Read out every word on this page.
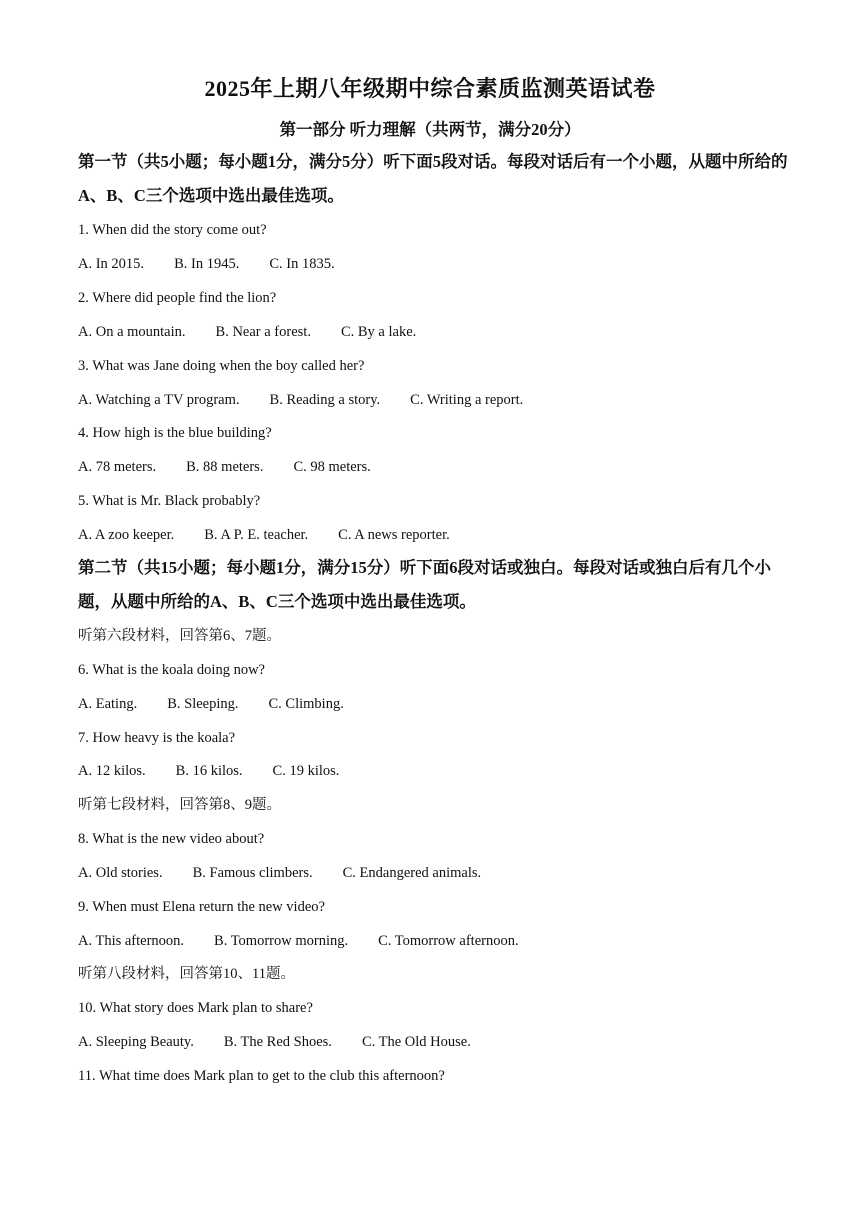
2025年上期八年级期中综合素质监测英语试卷
第一部分 听力理解（共两节，满分20分）
第一节（共5小题；每小题1分，满分5分）听下面5段对话。每段对话后有一个小题，从题中所给的A、B、C三个选项中选出最佳选项。
1. When did the story come out?
A. In 2015. B. In 1945. C. In 1835.
2. Where did people find the lion?
A. On a mountain. B. Near a forest. C. By a lake.
3. What was Jane doing when the boy called her?
A. Watching a TV program. B. Reading a story. C. Writing a report.
4. How high is the blue building?
A. 78 meters. B. 88 meters. C. 98 meters.
5. What is Mr. Black probably?
A. A zoo keeper. B. A P. E. teacher. C. A news reporter.
第二节（共15小题；每小题1分，满分15分）听下面6段对话或独白。每段对话或独白后有几个小题，从题中所给的A、B、C三个选项中选出最佳选项。
听第六段材料，回答第6、7题。
6. What is the koala doing now?
A. Eating. B. Sleeping. C. Climbing.
7. How heavy is the koala?
A. 12 kilos. B. 16 kilos. C. 19 kilos.
听第七段材料，回答第8、9题。
8. What is the new video about?
A. Old stories. B. Famous climbers. C. Endangered animals.
9. When must Elena return the new video?
A. This afternoon. B. Tomorrow morning. C. Tomorrow afternoon.
听第八段材料，回答第10、11题。
10. What story does Mark plan to share?
A. Sleeping Beauty. B. The Red Shoes. C. The Old House.
11. What time does Mark plan to get to the club this afternoon?
